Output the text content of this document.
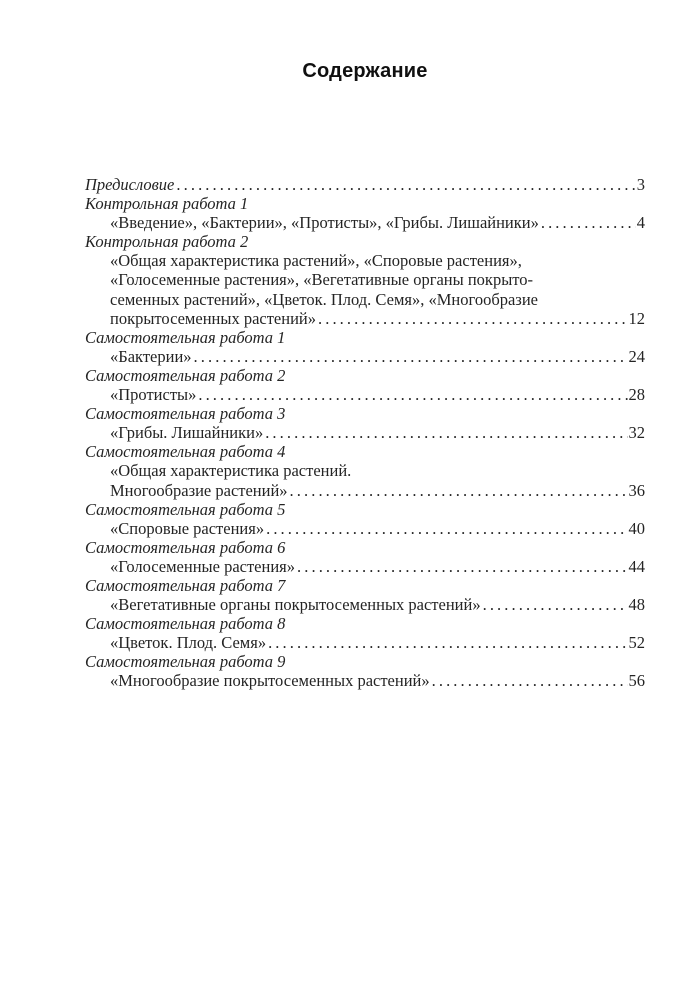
Содержание
Предисловие .....	3
Контрольная работа 1
«Введение», «Бактерии», «Протисты», «Грибы. Лишайники» .....	4
Контрольная работа 2
«Общая характеристика растений», «Споровые растения»,
«Голосеменные растения», «Вегетативные органы покрыто-
семенных растений», «Цветок. Плод. Семя», «Многообразие
покрытосеменных растений» .....	12
Самостоятельная работа 1
«Бактерии» .....	24
Самостоятельная работа 2
«Протисты» .....	28
Самостоятельная работа 3
«Грибы. Лишайники» .....	32
Самостоятельная работа 4
«Общая характеристика растений.
Многообразие растений» .....	36
Самостоятельная работа 5
«Споровые растения» .....	40
Самостоятельная работа 6
«Голосеменные растения» .....	44
Самостоятельная работа 7
«Вегетативные органы покрытосеменных растений» .....	48
Самостоятельная работа 8
«Цветок. Плод. Семя» .....	52
Самостоятельная работа 9
«Многообразие покрытосеменных растений» .....	56
